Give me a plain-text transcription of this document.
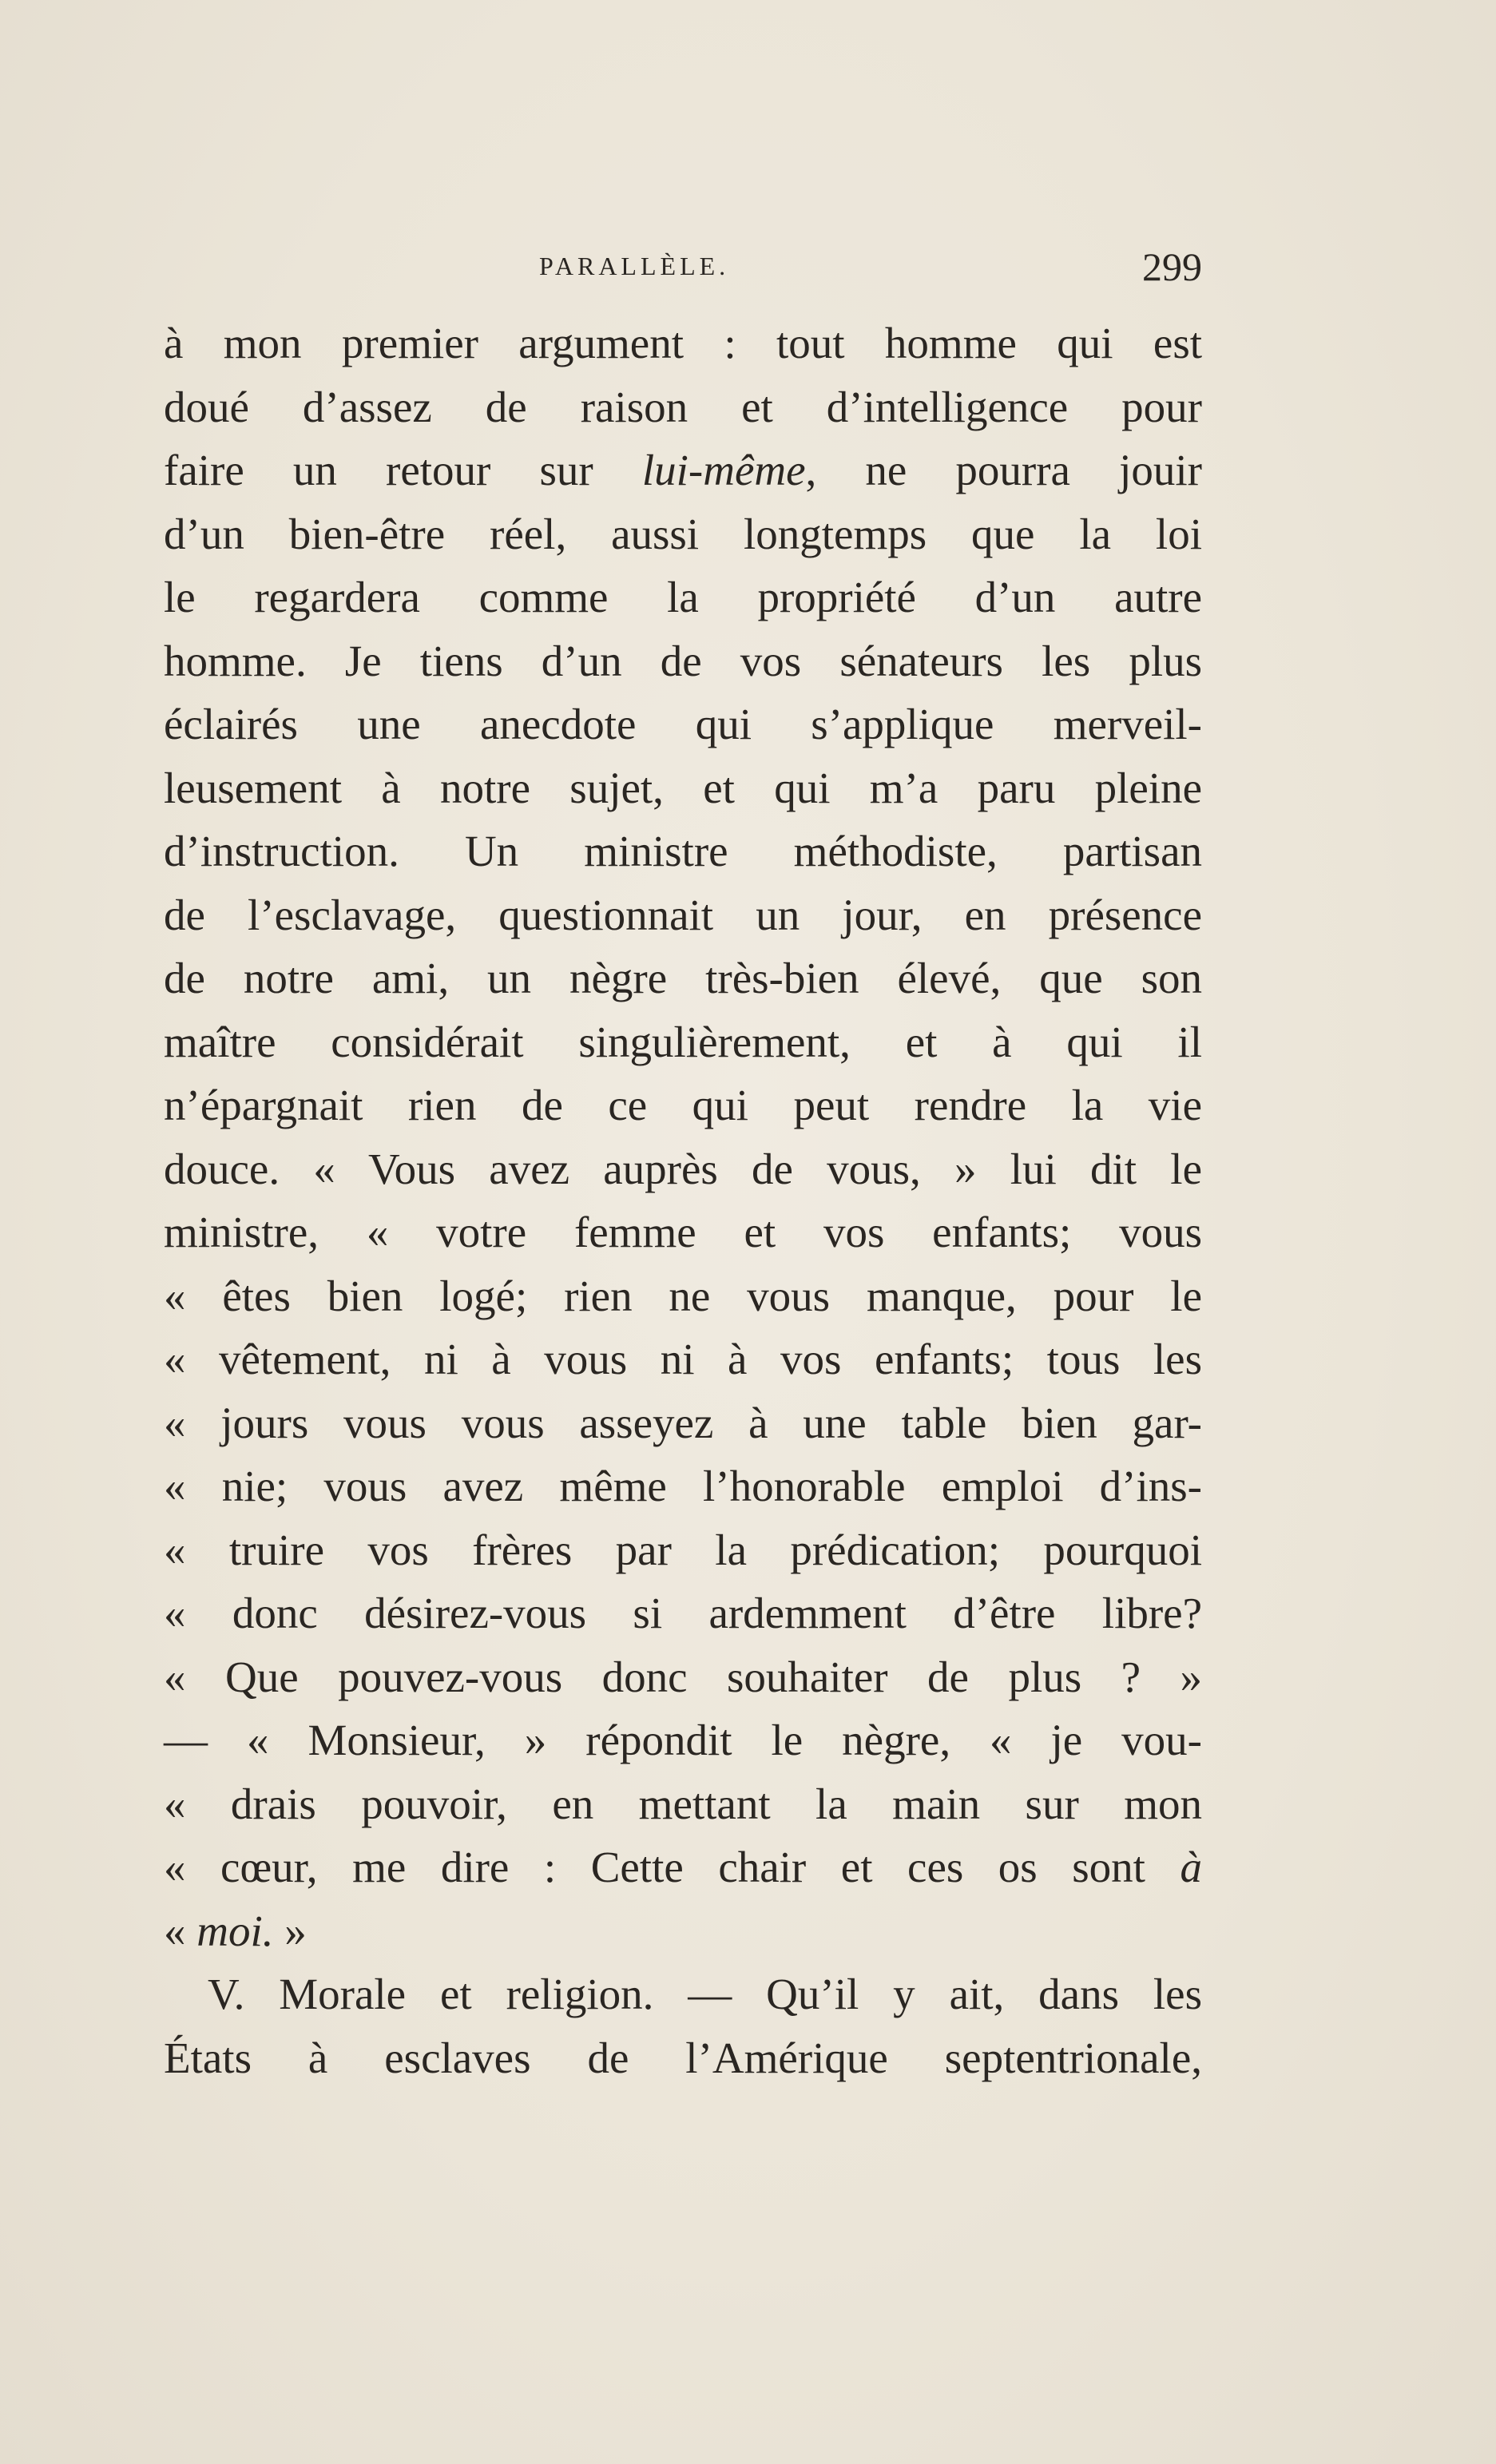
PARALLÈLE.	299
à mon premier argument : tout homme qui est
doué d’assez de raison et d’intelligence pour
faire un retour sur lui-même, ne pourra jouir
d’un bien-être réel, aussi longtemps que la loi
le regardera comme la propriété d’un autre
homme. Je tiens d’un de vos sénateurs les plus
éclairés une anecdote qui s’applique merveil-
leusement à notre sujet, et qui m’a paru pleine
d’instruction. Un ministre méthodiste, partisan
de l’esclavage, questionnait un jour, en présence
de notre ami, un nègre très-bien élevé, que son
maître considérait singulièrement, et à qui il
n’épargnait rien de ce qui peut rendre la vie
douce. « Vous avez auprès de vous, » lui dit le
ministre, « votre femme et vos enfants; vous
« êtes bien logé; rien ne vous manque, pour le
« vêtement, ni à vous ni à vos enfants; tous les
« jours vous vous asseyez à une table bien gar-
« nie; vous avez même l’honorable emploi d’ins-
« truire vos frères par la prédication; pourquoi
« donc désirez-vous si ardemment d’être libre?
« Que pouvez-vous donc souhaiter de plus ? »
— « Monsieur, » répondit le nègre, « je vou-
« drais pouvoir, en mettant la main sur mon
« cœur, me dire : Cette chair et ces os sont à
« moi. »
V. Morale et religion. — Qu’il y ait, dans les
États à esclaves de l’Amérique septentrionale,
